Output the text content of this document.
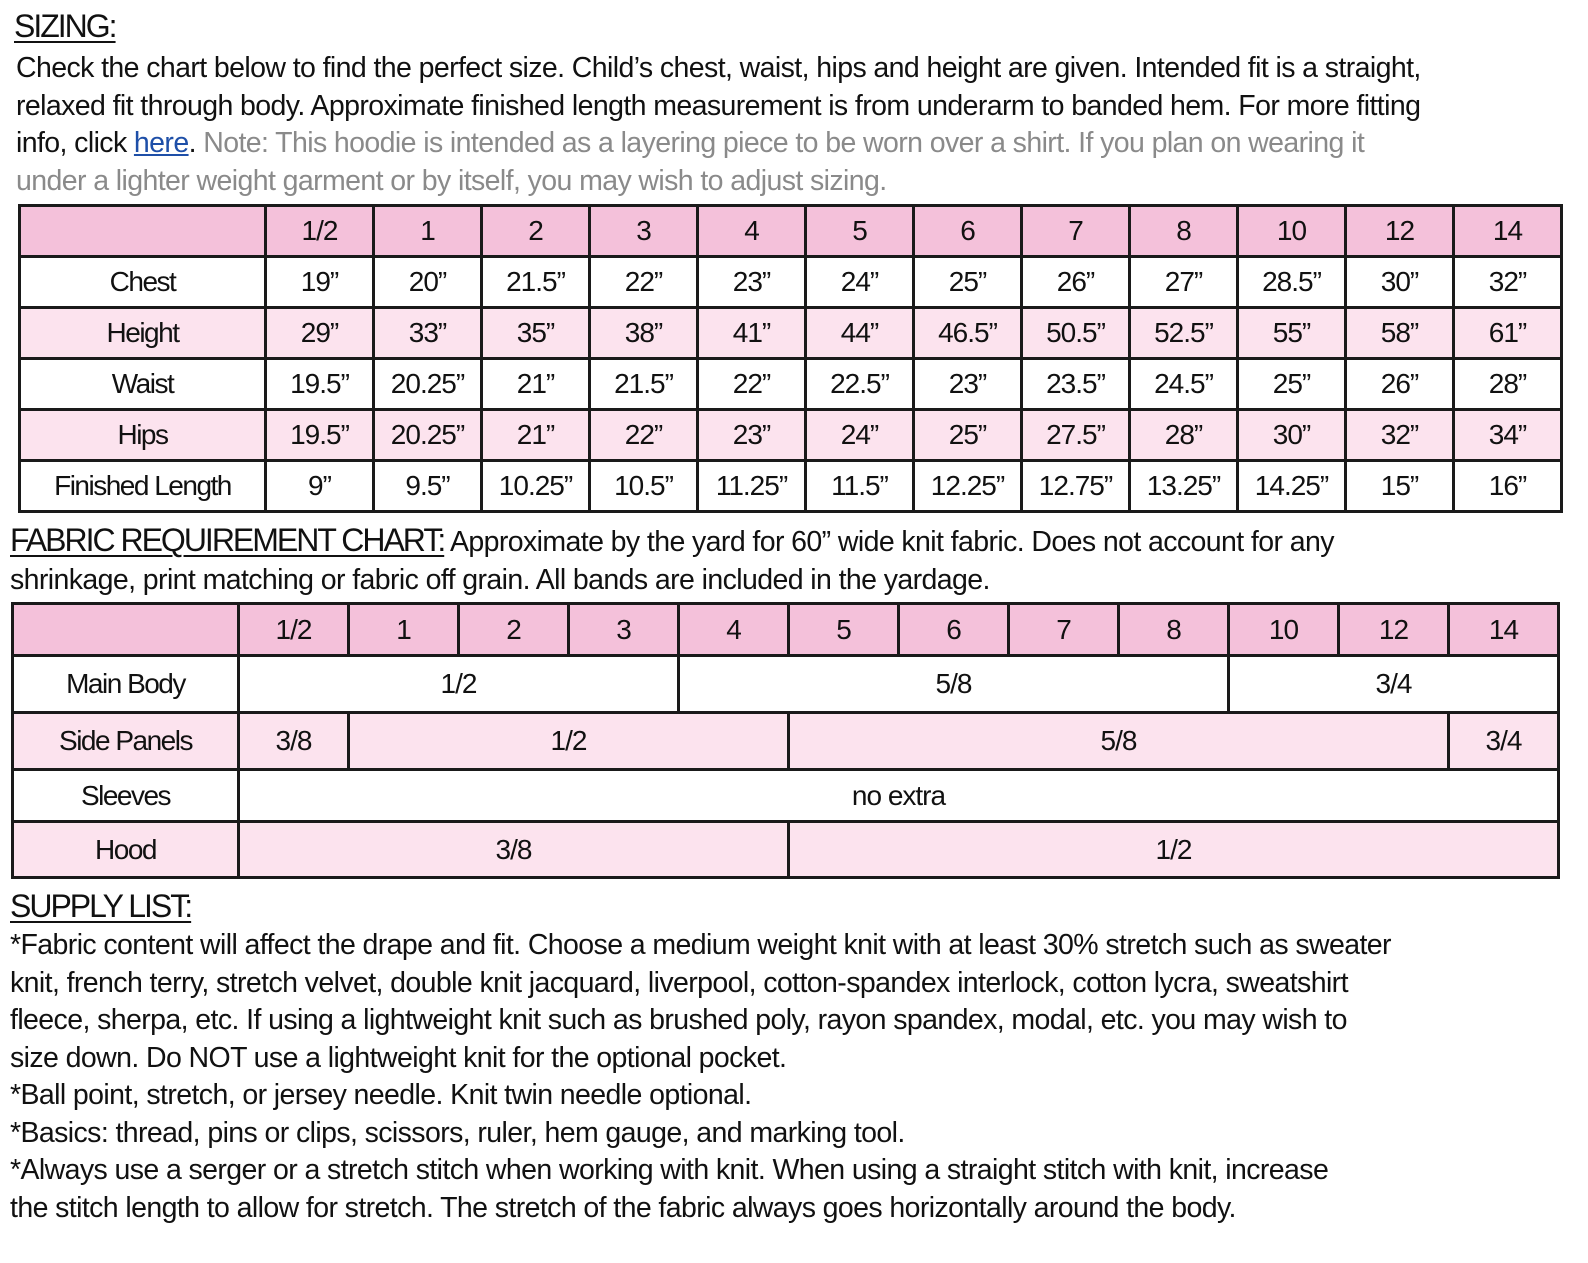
SIZING:
Check the chart below to find the perfect size. Child’s chest, waist, hips and height are given. Intended fit is a straight,
relaxed fit through body. Approximate finished length measurement is from underarm to banded hem. For more fitting
info, click here. Note: This hoodie is intended as a layering piece to be worn over a shirt. If you plan on wearing it
under a lighter weight garment or by itself, you may wish to adjust sizing.
	1/2	1	2	3	4	5	6	7	8	10	12	14
Chest	19”	20”	21.5”	22”	23”	24”	25”	26”	27”	28.5”	30”	32”
Height	29”	33”	35”	38”	41”	44”	46.5”	50.5”	52.5”	55”	58”	61”
Waist	19.5”	20.25”	21”	21.5”	22”	22.5”	23”	23.5”	24.5”	25”	26”	28”
Hips	19.5”	20.25”	21”	22”	23”	24”	25”	27.5”	28”	30”	32”	34”
Finished Length	9”	9.5”	10.25”	10.5”	11.25”	11.5”	12.25”	12.75”	13.25”	14.25”	15”	16”
FABRIC REQUIREMENT CHART: Approximate by the yard for 60” wide knit fabric. Does not account for any
shrinkage, print matching or fabric off grain. All bands are included in the yardage.
	1/2	1	2	3	4	5	6	7	8	10	12	14
Main Body	1/2				5/8					3/4		
Side Panels	3/8	1/2				5/8						3/4
Sleeves	no extra											
Hood	3/8					1/2						
SUPPLY LIST:
*Fabric content will affect the drape and fit. Choose a medium weight knit with at least 30% stretch such as sweater
knit, french terry, stretch velvet, double knit jacquard, liverpool, cotton-spandex interlock, cotton lycra, sweatshirt
fleece, sherpa, etc. If using a lightweight knit such as brushed poly, rayon spandex, modal, etc. you may wish to
size down. Do NOT use a lightweight knit for the optional pocket.
*Ball point, stretch, or jersey needle. Knit twin needle optional.
*Basics: thread, pins or clips, scissors, ruler, hem gauge, and marking tool.
*Always use a serger or a stretch stitch when working with knit. When using a straight stitch with knit, increase
the stitch length to allow for stretch. The stretch of the fabric always goes horizontally around the body.
